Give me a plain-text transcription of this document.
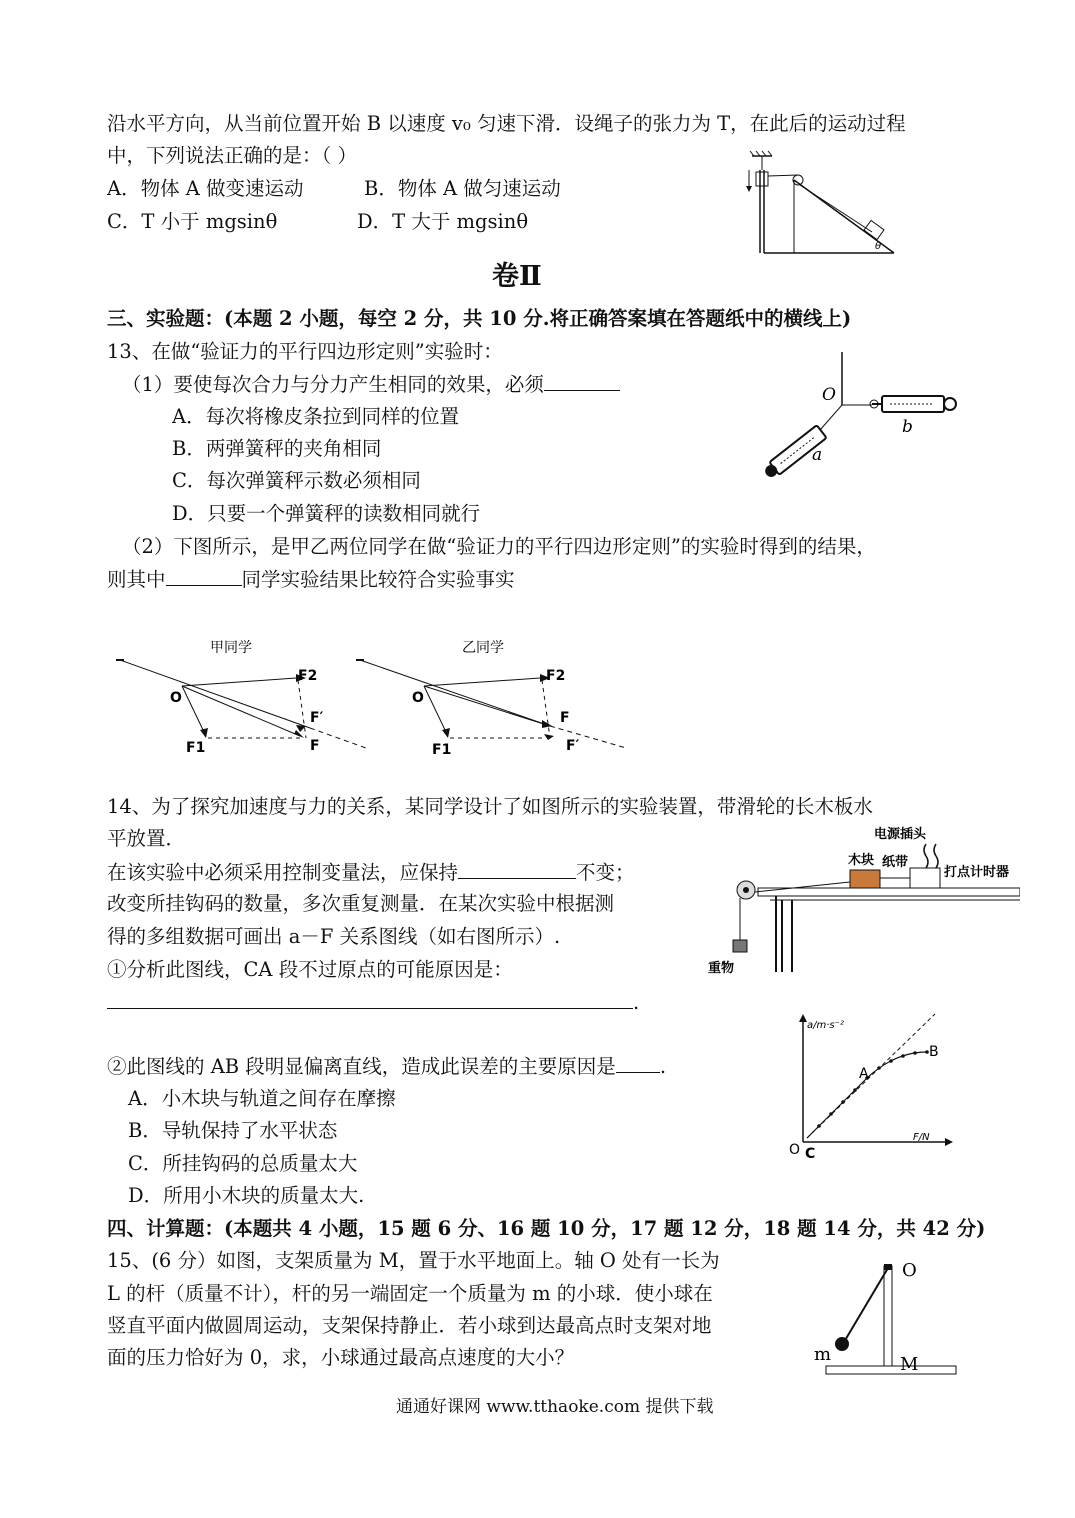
沿水平方向，从当前位置开始 B 以速度 v₀ 匀速下滑．设绳子的张力为 T，在此后的运动过程
中，下列说法正确的是：（ ）
A．物体 A 做变速运动	B．物体 A 做匀速运动
C．T 小于 mgsinθ	D．T 大于 mgsinθ
θ
卷Ⅱ
三、实验题：(本题 2 小题，每空 2 分，共 10 分.将正确答案填在答题纸中的横线上)
13、在做“验证力的平行四边形定则”实验时：
（1）要使每次合力与分力产生相同的效果，必须
A．每次将橡皮条拉到同样的位置
B．两弹簧秤的夹角相同
C．每次弹簧秤示数必须相同
D．只要一个弹簧秤的读数相同就行
（2）下图所示，是甲乙两位同学在做“验证力的平行四边形定则”的实验时得到的结果，
则其中	同学实验结果比较符合实验事实
O
b
a
甲同学
O
F2
F′
F
F1
乙同学
O
F2
F
F′
F1
14、为了探究加速度与力的关系，某同学设计了如图所示的实验装置，带滑轮的长木板水
平放置．
在该实验中必须采用控制变量法，应保持	不变；
改变所挂钩码的数量，多次重复测量．在某次实验中根据测
得的多组数据可画出 a－F 关系图线（如右图所示）.
①分析此图线，CA 段不过原点的可能原因是：
.
②此图线的 AB 段明显偏离直线，造成此误差的主要原因是 .
A．小木块与轨道之间存在摩擦
B．导轨保持了水平状态
C．所挂钩码的总质量太大
D．所用小木块的质量太大.
电源插头
木块 纸带
打点计时器
重物
a/m·s⁻²
F/N
O C
A
B
四、计算题：(本题共 4 小题，15 题 6 分、16 题 10 分，17 题 12 分，18 题 14 分，共 42 分)
15、(6 分）如图，支架质量为 M，置于水平地面上。轴 O 处有一长为
L 的杆（质量不计），杆的另一端固定一个质量为 m 的小球．使小球在
竖直平面内做圆周运动，支架保持静止．若小球到达最高点时支架对地
面的压力恰好为 0，求，小球通过最高点速度的大小？
O
m	M
通通好课网 www.tthaoke.com 提供下载
